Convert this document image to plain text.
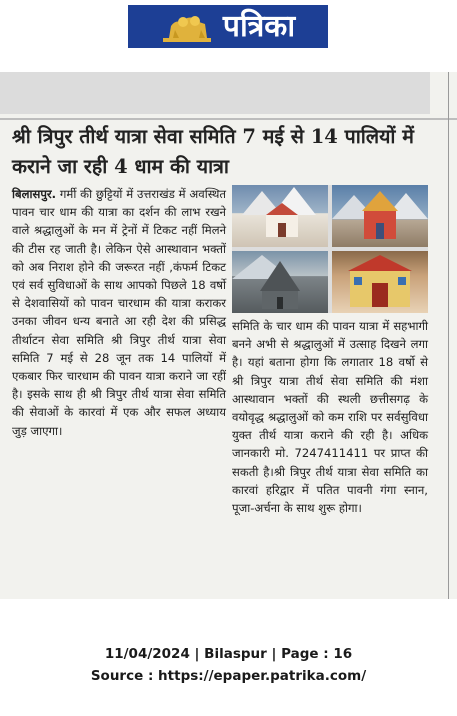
पत्रिका
श्री त्रिपुर तीर्थ यात्रा सेवा समिति 7 मई से 14 पालियों में कराने जा रही 4 धाम की यात्रा
बिलासपुर. गर्मी की छुट्टियों में उत्तराखंड में अवस्थित पावन चार धाम की यात्रा का दर्शन की लाभ रखने वाले श्रद्धालुओं के मन में ट्रेनों में टिकट नहीं मिलने की टीस रह जाती है। लेकिन ऐसे आस्थावान भक्तों को अब निराश होने की जरूरत नहीं ,कंफर्म टिकट एवं सर्व सुविधाओं के साथ आपको पिछले 18 वर्षो से देशवासियों को पावन चारधाम की यात्रा कराकर उनका जीवन धन्य बनाते आ रही देश की प्रसिद्ध तीर्थाटन सेवा समिति श्री त्रिपुर तीर्थ यात्रा सेवा समिति 7 मई से 28 जून तक 14 पालियों में एकबार फिर चारधाम की पावन यात्रा कराने जा रहीं है। इसके साथ ही श्री त्रिपुर तीर्थ यात्रा सेवा समिति की सेवाओं के कारवां में एक और सफल अध्याय जुड़ जाएगा।
समिति के चार धाम की पावन यात्रा में सहभागी बनने अभी से श्रद्धालुओं में उत्साह दिखने लगा है। यहां बताना होगा कि लगातार 18 वर्षो से श्री त्रिपुर यात्रा तीर्थ सेवा समिति की मंशा आस्थावान भक्तों की स्थली छत्तीसगढ़ के वयोवृद्ध श्रद्धालुओं को कम राशि पर सर्वसुविधा युक्त तीर्थ यात्रा कराने की रही है। अधिक जानकारी मो. 7247411411 पर प्राप्त की सकती है।श्री त्रिपुर तीर्थ यात्रा सेवा समिति का कारवां हरिद्वार में पतित पावनी गंगा स्नान, पूजा-अर्चना के साथ शुरू होगा।
11/04/2024 | Bilaspur | Page : 16
Source : https://epaper.patrika.com/
